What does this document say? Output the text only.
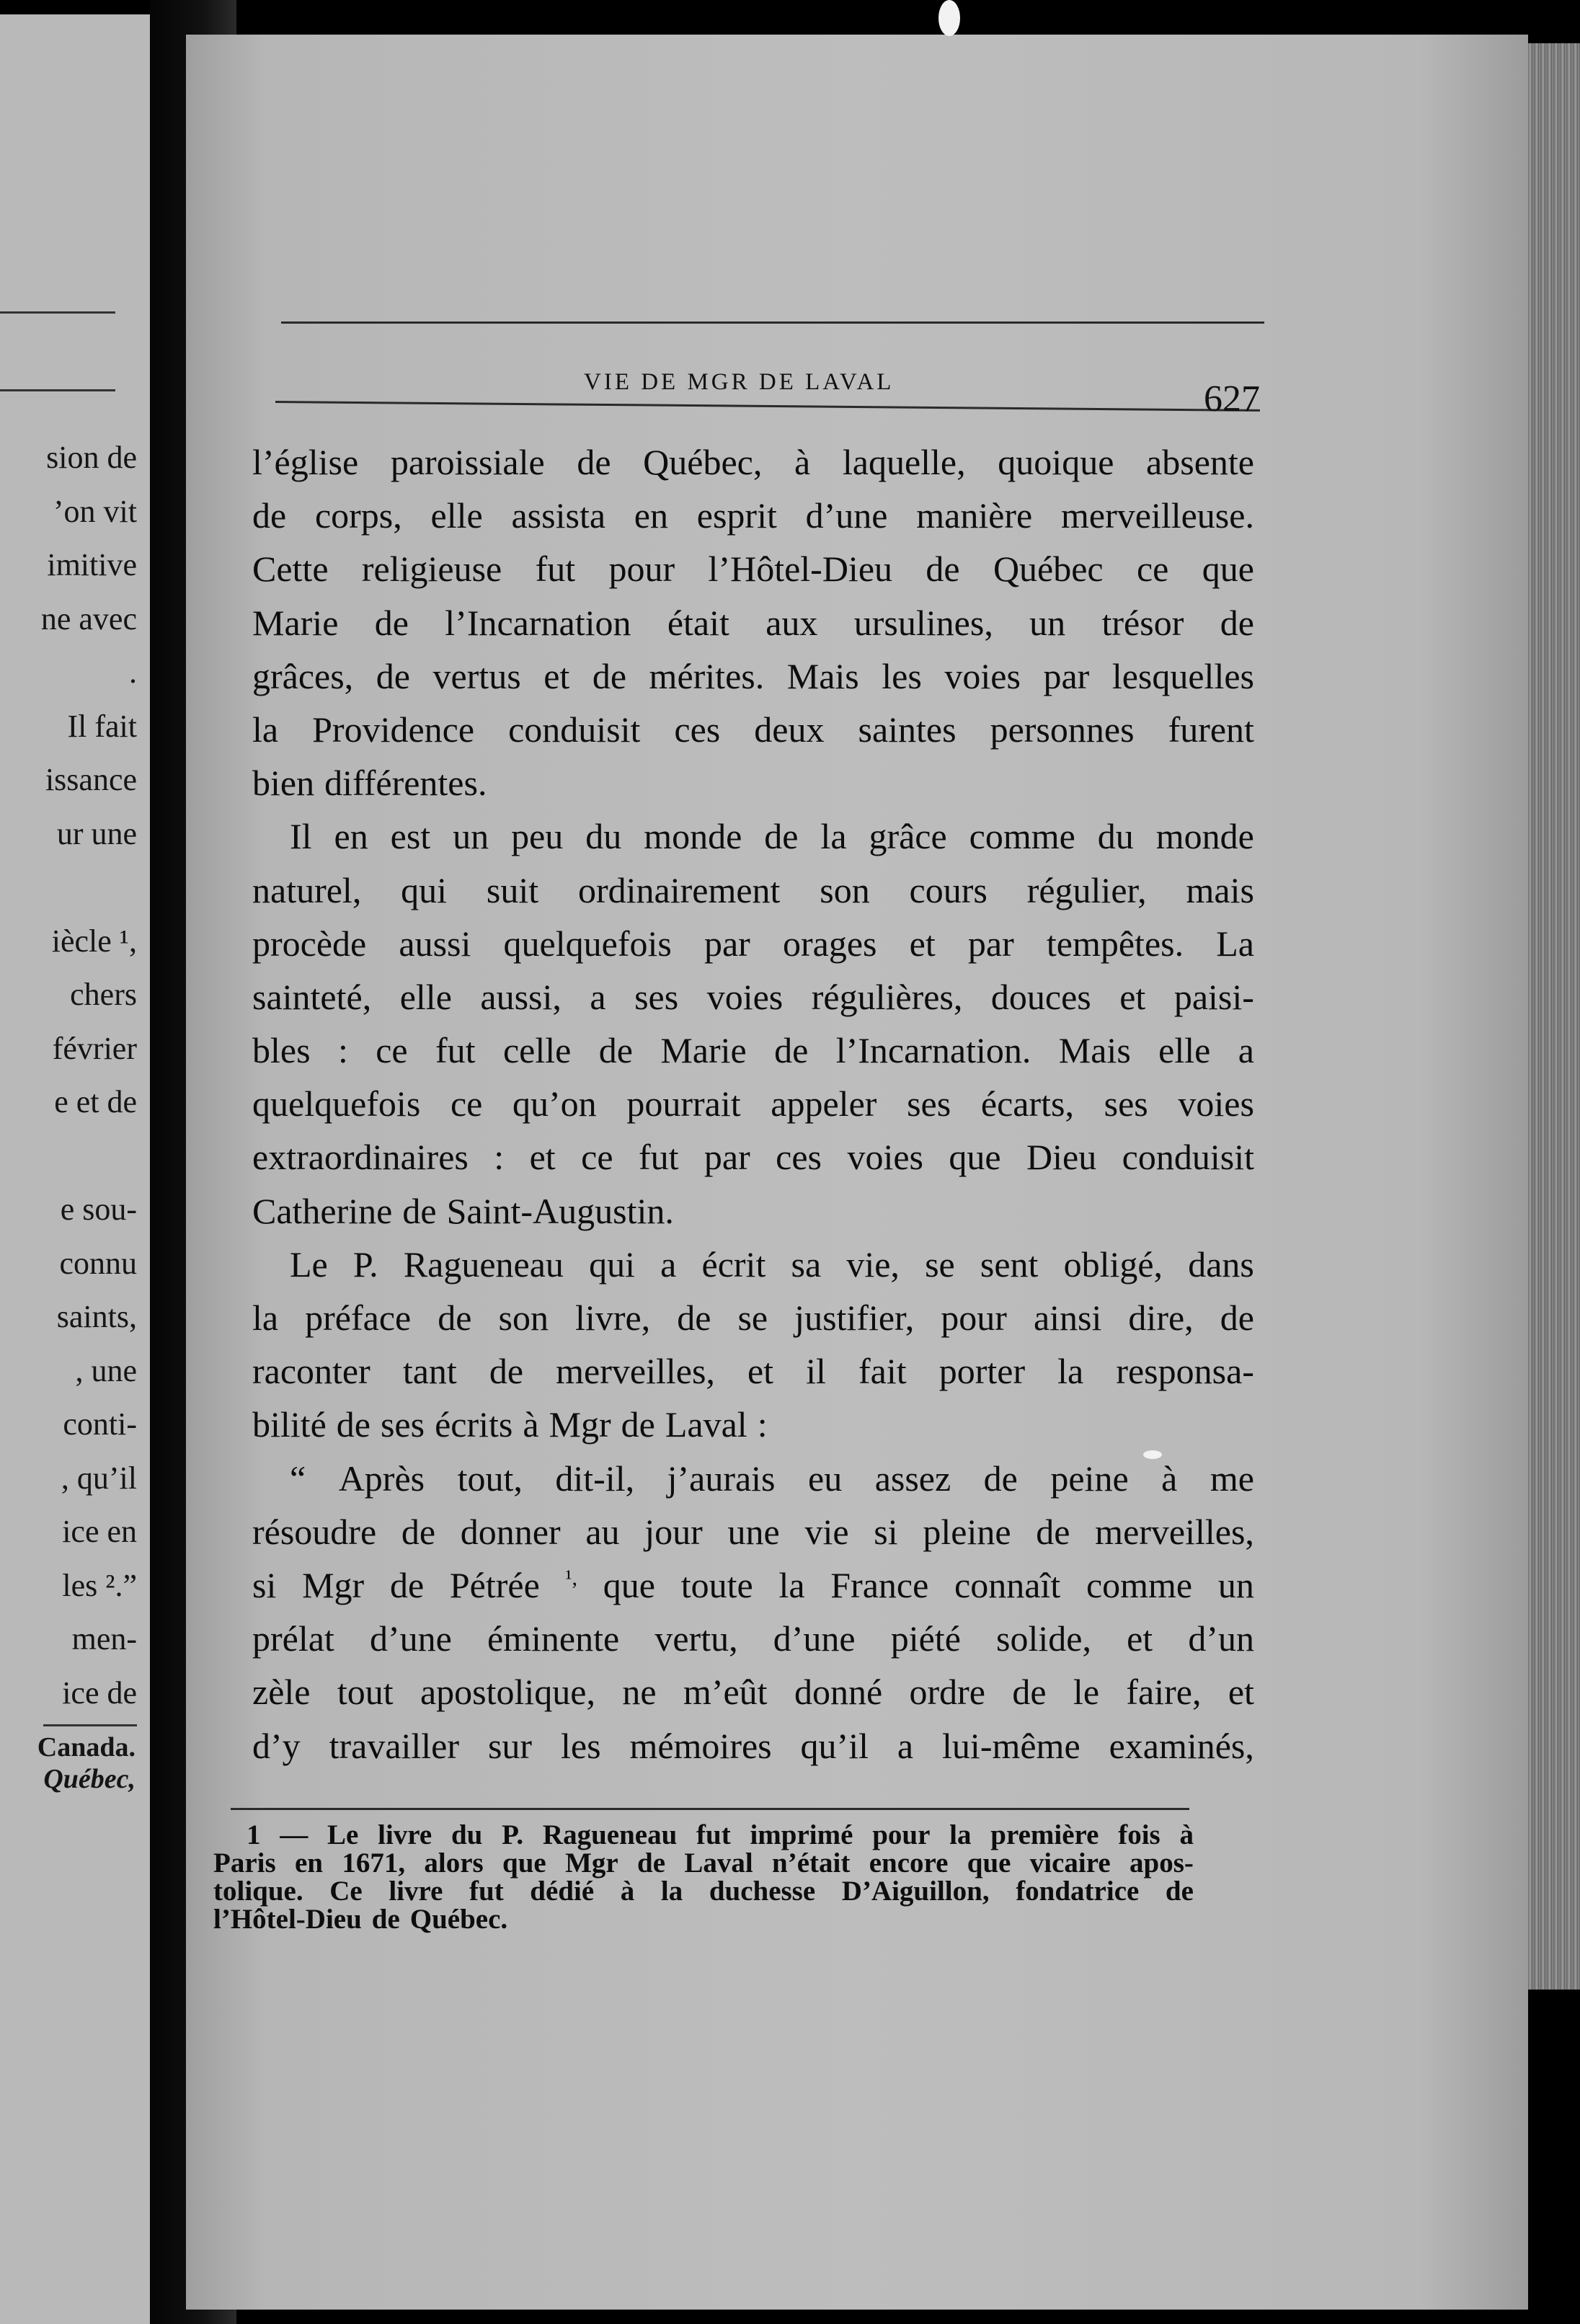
sion de
’on vit
imitive
ne avec
.
Il fait
issance
ur une
iècle ¹,
chers
février
e et de
e sou-
connu
saints,
, une
conti-
, qu’il
ice en
les ².”
men-
ice de
Canada.
Québec,
VIE DE MGR DE LAVAL	627
l’église paroissiale de Québec, à laquelle, quoique absente
de corps, elle assista en esprit d’une manière merveilleuse.
Cette religieuse fut pour l’Hôtel-Dieu de Québec ce que
Marie de l’Incarnation était aux ursulines, un trésor de
grâces, de vertus et de mérites. Mais les voies par lesquelles
la Providence conduisit ces deux saintes personnes furent
bien différentes.
Il en est un peu du monde de la grâce comme du monde
naturel, qui suit ordinairement son cours régulier, mais
procède aussi quelquefois par orages et par tempêtes. La
sainteté, elle aussi, a ses voies régulières, douces et paisi-
bles : ce fut celle de Marie de l’Incarnation. Mais elle a
quelquefois ce qu’on pourrait appeler ses écarts, ses voies
extraordinaires : et ce fut par ces voies que Dieu conduisit
Catherine de Saint-Augustin.
Le P. Ragueneau qui a écrit sa vie, se sent obligé, dans
la préface de son livre, de se justifier, pour ainsi dire, de
raconter tant de merveilles, et il fait porter la responsa-
bilité de ses écrits à Mgr de Laval :
“ Après tout, dit-il, j’aurais eu assez de peine à me
résoudre de donner au jour une vie si pleine de merveilles,
si Mgr de Pétrée $^{^1,}$ que toute la France connaît comme un
prélat d’une éminente vertu, d’une piété solide, et d’un
zèle tout apostolique, ne m’eût donné ordre de le faire, et
d’y travailler sur les mémoires qu’il a lui-même examinés,
1 — Le livre du P. Ragueneau fut imprimé pour la première fois à
Paris en 1671, alors que Mgr de Laval n’était encore que vicaire apos-
tolique. Ce livre fut dédié à la duchesse D’Aiguillon, fondatrice de
l’Hôtel-Dieu de Québec.
